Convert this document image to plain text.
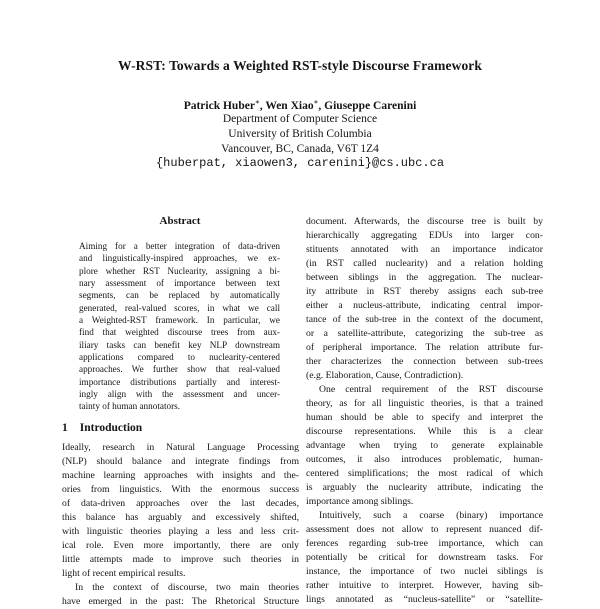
W-RST: Towards a Weighted RST-style Discourse Framework
Patrick Huber∗, Wen Xiao∗, Giuseppe Carenini
Department of Computer Science
University of British Columbia
Vancouver, BC, Canada, V6T 1Z4
{huberpat, xiaowen3, carenini}@cs.ubc.ca
Abstract
Aiming for a better integration of data-driven
and linguistically-inspired approaches, we ex-
plore whether RST Nuclearity, assigning a bi-
nary assessment of importance between text
segments, can be replaced by automatically
generated, real-valued scores, in what we call
a Weighted-RST framework. In particular, we
find that weighted discourse trees from aux-
iliary tasks can benefit key NLP downstream
applications compared to nuclearity-centered
approaches. We further show that real-valued
importance distributions partially and interest-
ingly align with the assessment and uncer-
tainty of human annotators.
1 Introduction
Ideally, research in Natural Language Processing
(NLP) should balance and integrate findings from
machine learning approaches with insights and the-
ories from linguistics. With the enormous success
of data-driven approaches over the last decades,
this balance has arguably and excessively shifted,
with linguistic theories playing a less and less crit-
ical role. Even more importantly, there are only
little attempts made to improve such theories in
light of recent empirical results.
In the context of discourse, two main theories
have emerged in the past: The Rhetorical Structure
document. Afterwards, the discourse tree is built by
hierarchically aggregating EDUs into larger con-
stituents annotated with an importance indicator
(in RST called nuclearity) and a relation holding
between siblings in the aggregation. The nuclear-
ity attribute in RST thereby assigns each sub-tree
either a nucleus-attribute, indicating central impor-
tance of the sub-tree in the context of the document,
or a satellite-attribute, categorizing the sub-tree as
of peripheral importance. The relation attribute fur-
ther characterizes the connection between sub-trees
(e.g. Elaboration, Cause, Contradiction).
One central requirement of the RST discourse
theory, as for all linguistic theories, is that a trained
human should be able to specify and interpret the
discourse representations. While this is a clear
advantage when trying to generate explainable
outcomes, it also introduces problematic, human-
centered simplifications; the most radical of which
is arguably the nuclearity attribute, indicating the
importance among siblings.
Intuitively, such a coarse (binary) importance
assessment does not allow to represent nuanced dif-
ferences regarding sub-tree importance, which can
potentially be critical for downstream tasks. For
instance, the importance of two nuclei siblings is
rather intuitive to interpret. However, having sib-
lings annotated as “nucleus-satellite” or “satellite-
